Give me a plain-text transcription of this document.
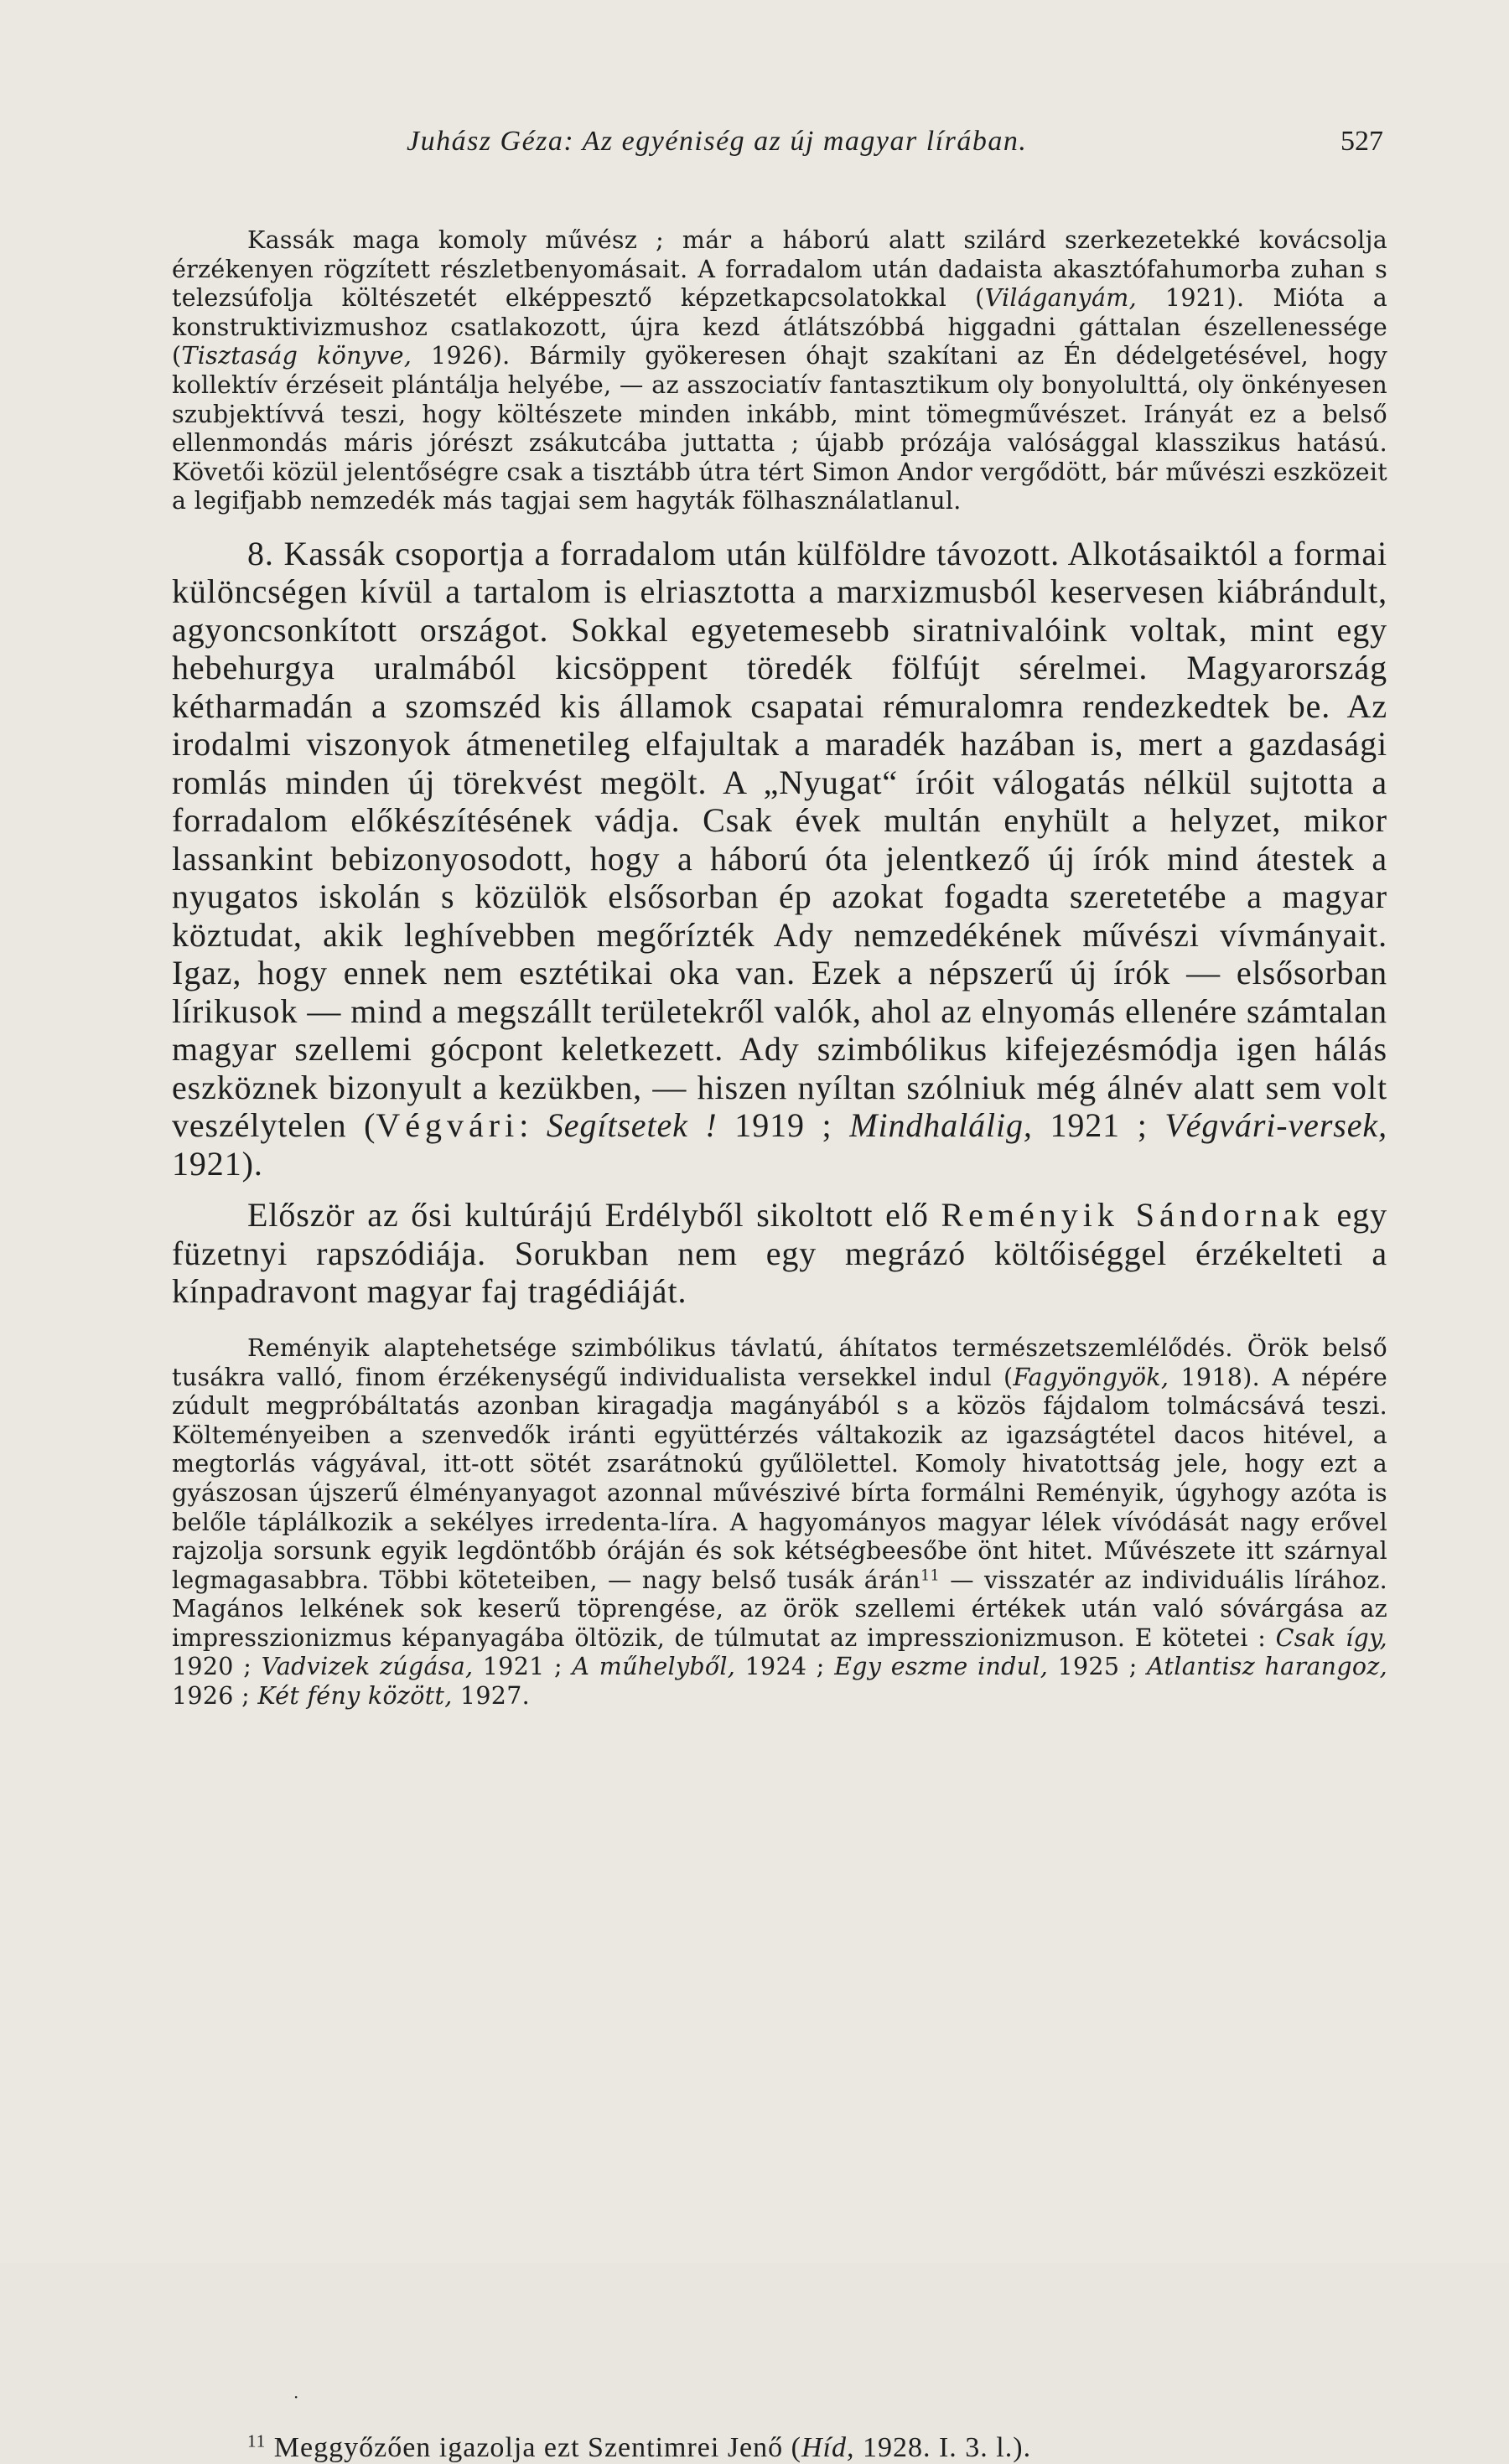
Juhász Géza: Az egyéniség az új magyar lírában.	527

Kassák maga komoly művész ; már a háború alatt szilárd szerkezetekké kovácsolja érzékenyen rögzített részletbenyomásait. A forradalom után dadaista akasztófahumorba zuhan s telezsúfolja költészetét elképpesztő képzetkapcsolatokkal (Világanyám, 1921). Mióta a konstruktivizmushoz csatlakozott, újra kezd átlátszóbbá higgadni gáttalan észellenessége (Tisztaság könyve, 1926). Bármily gyökeresen óhajt szakítani az Én dédelgetésével, hogy kollektív érzéseit plántálja helyébe, — az asszociatív fantasztikum oly bonyolulttá, oly önkényesen szubjektívvá teszi, hogy költészete minden inkább, mint tömegművészet. Irányát ez a belső ellenmondás máris jórészt zsákutcába juttatta ; újabb prózája valósággal klasszikus hatású. Követői közül jelentőségre csak a tisztább útra tért Simon Andor vergődött, bár művészi eszközeit a legifjabb nemzedék más tagjai sem hagyták fölhasználatlanul.

8. Kassák csoportja a forradalom után külföldre távozott. Alkotásaiktól a formai különcségen kívül a tartalom is elriasztotta a marxizmusból keservesen kiábrándult, agyoncsonkított országot. Sokkal egyetemesebb siratnivalóink voltak, mint egy hebehurgya uralmából kicsöppent töredék fölfújt sérelmei. Magyarország kétharmadán a szomszéd kis államok csapatai rémuralomra rendezkedtek be. Az irodalmi viszonyok átmenetileg elfajultak a maradék hazában is, mert a gazdasági romlás minden új törekvést megölt. A „Nyugat“ íróit válogatás nélkül sujtotta a forradalom előkészítésének vádja. Csak évek multán enyhült a helyzet, mikor lassankint bebizonyosodott, hogy a háború óta jelentkező új írók mind átestek a nyugatos iskolán s közülök elsősorban ép azokat fogadta szeretetébe a magyar köztudat, akik leghívebben megőrízték Ady nemzedékének művészi vívmányait. Igaz, hogy ennek nem esztétikai oka van. Ezek a népszerű új írók — elsősorban lírikusok — mind a megszállt területekről valók, ahol az elnyomás ellenére számtalan magyar szellemi gócpont keletkezett. Ady szimbólikus kifejezésmódja igen hálás eszköznek bizonyult a kezükben, — hiszen nyíltan szólniuk még álnév alatt sem volt veszélytelen (Végvári: Segítsetek ! 1919 ; Mindhalálig, 1921 ; Végvári-versek, 1921).

Először az ősi kultúrájú Erdélyből sikoltott elő Reményik Sándornak egy füzetnyi rapszódiája. Sorukban nem egy megrázó költőiséggel érzékelteti a kínpadravont magyar faj tragédiáját.

Reményik alaptehetsége szimbólikus távlatú, áhítatos természetszemlélődés. Örök belső tusákra valló, finom érzékenységű individualista versekkel indul (Fagyöngyök, 1918). A népére zúdult megpróbáltatás azonban kiragadja magányából s a közös fájdalom tolmácsává teszi. Költeményeiben a szenvedők iránti együttérzés váltakozik az igazságtétel dacos hitével, a megtorlás vágyával, itt-ott sötét zsarátnokú gyűlölettel. Komoly hivatottság jele, hogy ezt a gyászosan újszerű élményanyagot azonnal művészivé bírta formálni Reményik, úgyhogy azóta is belőle táplálkozik a sekélyes irredenta-líra. A hagyományos magyar lélek vívódását nagy erővel rajzolja sorsunk egyik legdöntőbb óráján és sok kétségbeesőbe önt hitet. Művészete itt szárnyal legmagasabbra. Többi köteteiben, — nagy belső tusák árán$^{11}$ — visszatér az individuális lírához. Magános lelkének sok keserű töprengése, az örök szellemi értékek után való sóvárgása az impresszionizmus képanyagába öltözik, de túlmutat az impresszionizmuson. E kötetei : Csak így, 1920 ; Vadvizek zúgása, 1921 ; A műhelyből, 1924 ; Egy eszme indul, 1925 ; Atlantisz harangoz, 1926 ; Két fény között, 1927.

·
$^{11}$ Meggyőzően igazolja ezt Szentimrei Jenő (Híd, 1928. I. 3. l.).
